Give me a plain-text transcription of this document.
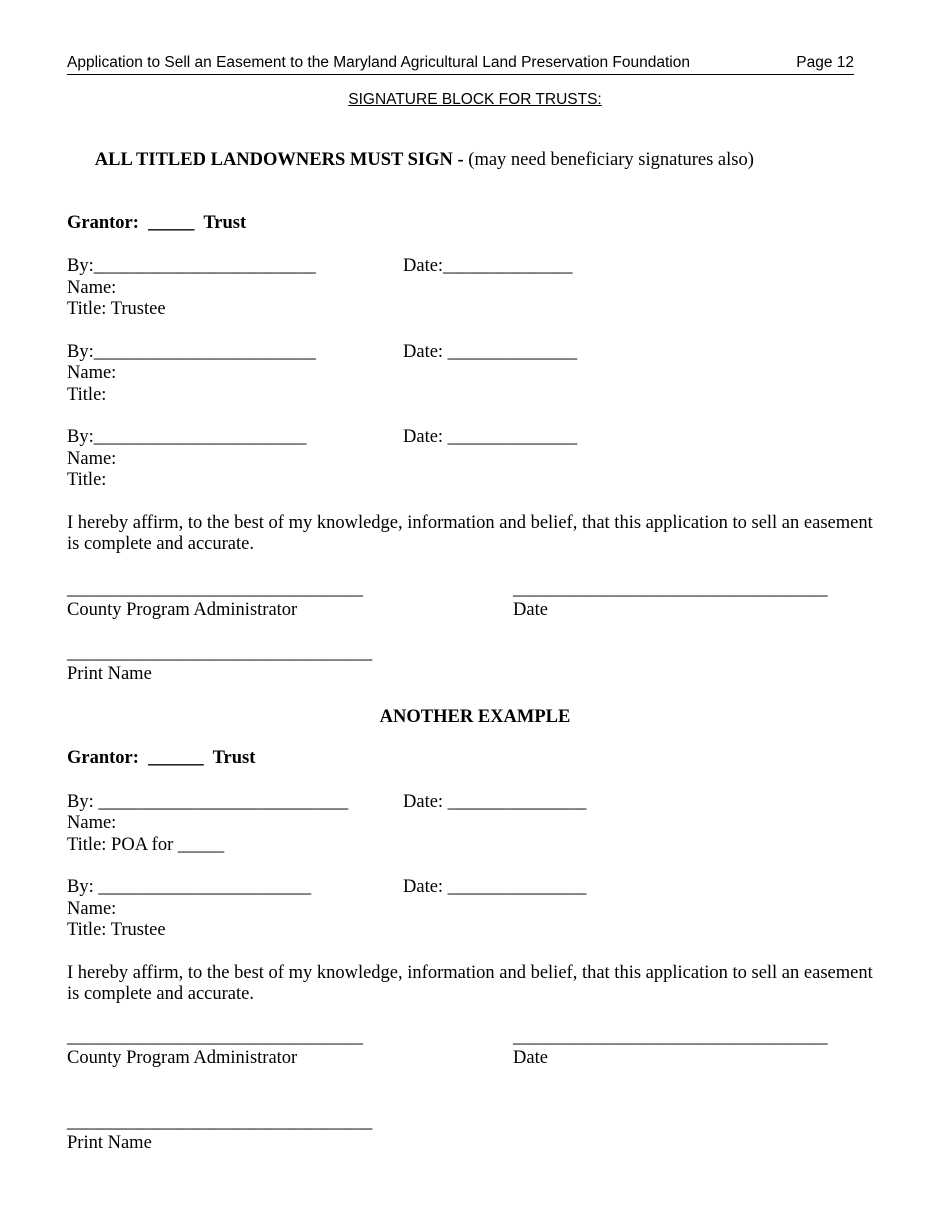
Application to Sell an Easement to the Maryland Agricultural Land Preservation Foundation	Page 12
SIGNATURE BLOCK FOR TRUSTS:

ALL TITLED LANDOWNERS MUST SIGN - (may need beneficiary signatures also)

Grantor:  _____  Trust
By:________________________	Date:______________
Name:
Title: Trustee
By:________________________	Date: ______________
Name:
Title:
By:_______________________	Date: ______________
Name:
Title:
I hereby affirm, to the best of my knowledge, information and belief, that this application to sell an easement is complete and accurate.
________________________________
County Program Administrator
__________________________________
Date
_________________________________
Print Name
ANOTHER EXAMPLE
Grantor:  ______  Trust
By: ___________________________	Date: _______________
Name:
Title: POA for _____
By: _______________________	Date: _______________
Name:
Title: Trustee
I hereby affirm, to the best of my knowledge, information and belief, that this application to sell an easement is complete and accurate.
________________________________
County Program Administrator
__________________________________
Date
_________________________________
Print Name
